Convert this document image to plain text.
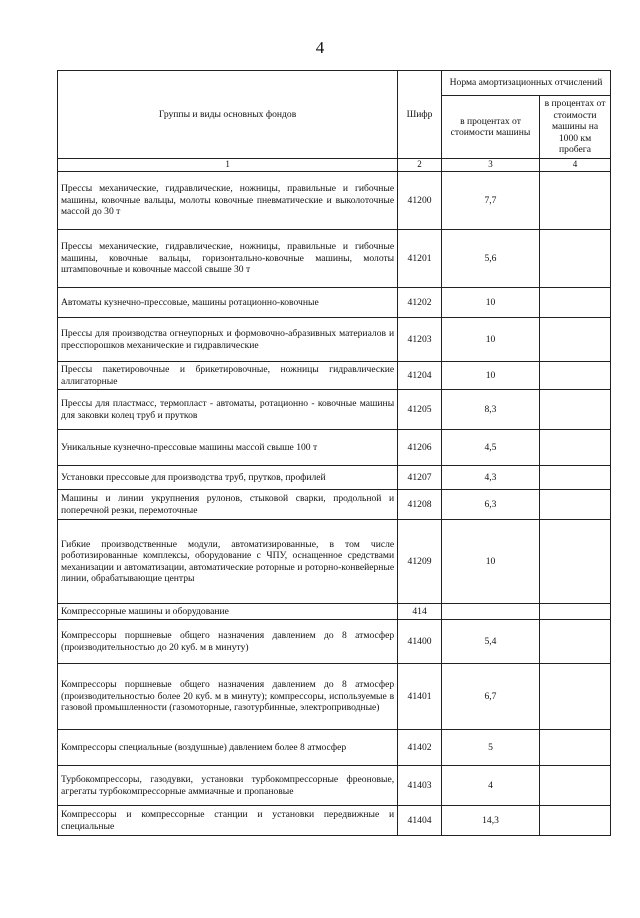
4
Группы и виды основных фондов	Шифр	Норма амортизационных отчислений	
		в процентах от стоимости машины	в процентах от стоимости машины на 1000 км пробега
1	2	3	4
Прессы механические, гидравлические, ножницы, правильные и гибочные машины, ковочные вальцы, молоты ковочные пневматические и выколоточные массой до 30 т	41200	7,7	
Прессы механические, гидравлические, ножницы, правильные и гибочные машины, ковочные вальцы, горизонтально-ковочные машины, молоты штамповочные и ковочные массой свыше 30 т	41201	5,6	
Автоматы кузнечно-прессовые, машины ротационно-ковочные	41202	10	
Прессы для производства огнеупорных и формовочно-абразивных материалов и пресспорошков механические и гидравлические	41203	10	
Прессы пакетировочные и брикетировочные, ножницы гидравлические аллигаторные	41204	10	
Прессы для пластмасс, термопласт - автоматы, ротационно - ковочные машины для заковки колец труб и прутков	41205	8,3	
Уникальные кузнечно-прессовые машины массой свыше 100 т	41206	4,5	
Установки прессовые для производства труб, прутков, профилей	41207	4,3	
Машины и линии укрупнения рулонов, стыковой сварки, продольной и поперечной резки, перемоточные	41208	6,3	
Гибкие производственные модули, автоматизированные, в том числе роботизированные комплексы, оборудование с ЧПУ, оснащенное средствами механизации и автоматизации, автоматические роторные и роторно-конвейерные линии, обрабатывающие центры	41209	10	
Компрессорные машины и оборудование	414		
Компрессоры поршневые общего назначения давлением до 8 атмосфер (производительностью до 20 куб. м в минуту)	41400	5,4	
Компрессоры поршневые общего назначения давлением до 8 атмосфер (производительностью более 20 куб. м в минуту); компрессоры, используемые в газовой промышленности (газомоторные, газотурбинные, электроприводные)	41401	6,7	
Компрессоры специальные (воздушные) давлением более 8 атмосфер	41402	5	
Турбокомпрессоры, газодувки, установки турбокомпрессорные фреоновые, агрегаты турбокомпрессорные аммиачные и пропановые	41403	4	
Компрессоры и компрессорные станции и установки передвижные и специальные	41404	14,3	
